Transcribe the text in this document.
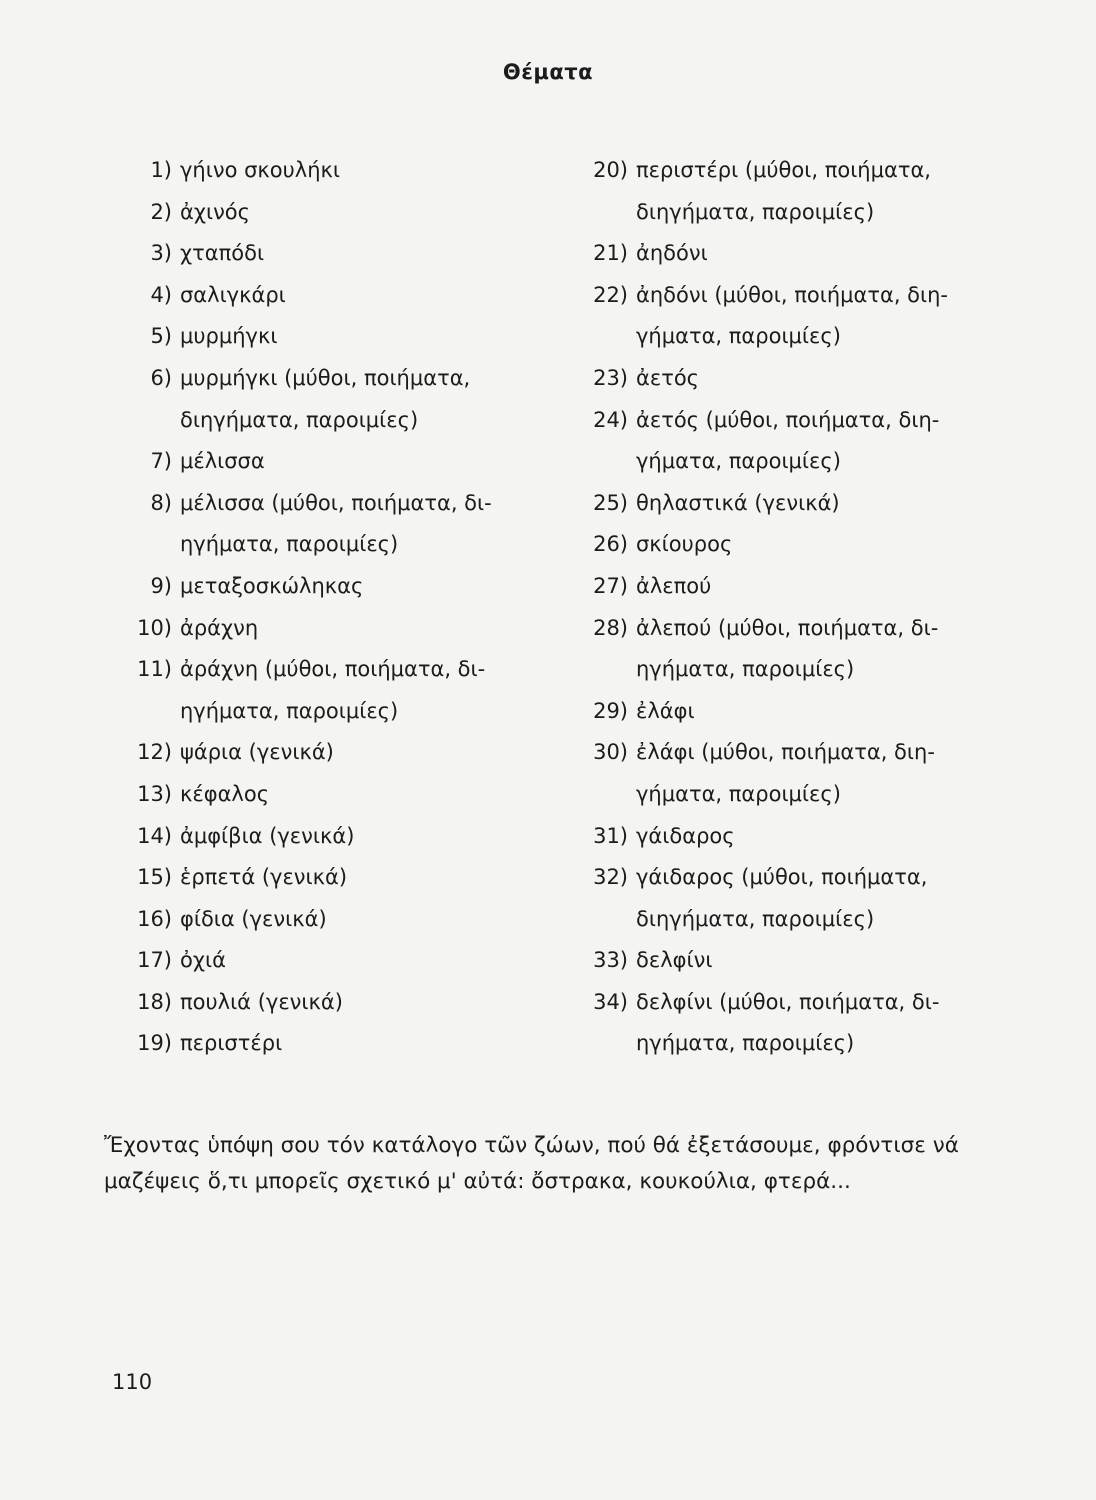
Θέματα
1) γήινο σκουλήκι
2) ἀχινός
3) χταπόδι
4) σαλιγκάρι
5) μυρμήγκι
6) μυρμήγκι (μύθοι, ποιήματα,
διηγήματα, παροιμίες)
7) μέλισσα
8) μέλισσα (μύθοι, ποιήματα, δι-
ηγήματα, παροιμίες)
9) μεταξοσκώληκας
10) ἀράχνη
11) ἀράχνη (μύθοι, ποιήματα, δι-
ηγήματα, παροιμίες)
12) ψάρια (γενικά)
13) κέφαλος
14) ἀμφίβια (γενικά)
15) ἑρπετά (γενικά)
16) φίδια (γενικά)
17) ὀχιά
18) πουλιά (γενικά)
19) περιστέρι
20) περιστέρι (μύθοι, ποιήματα,
διηγήματα, παροιμίες)
21) ἀηδόνι
22) ἀηδόνι (μύθοι, ποιήματα, διη-
γήματα, παροιμίες)
23) ἀετός
24) ἀετός (μύθοι, ποιήματα, διη-
γήματα, παροιμίες)
25) θηλαστικά (γενικά)
26) σκίουρος
27) ἀλεπού
28) ἀλεπού (μύθοι, ποιήματα, δι-
ηγήματα, παροιμίες)
29) ἐλάφι
30) ἐλάφι (μύθοι, ποιήματα, διη-
γήματα, παροιμίες)
31) γάιδαρος
32) γάιδαρος (μύθοι, ποιήματα,
διηγήματα, παροιμίες)
33) δελφίνι
34) δελφίνι (μύθοι, ποιήματα, δι-
ηγήματα, παροιμίες)
Ἔχοντας ὑπόψη σου τόν κατάλογο τῶν ζώων, πού θά ἐξετάσουμε, φρόντισε νά μαζέψεις ὅ,τι μπορεῖς σχετικό μ' αὐτά: ὄστρακα, κουκούλια, φτερά...
110
